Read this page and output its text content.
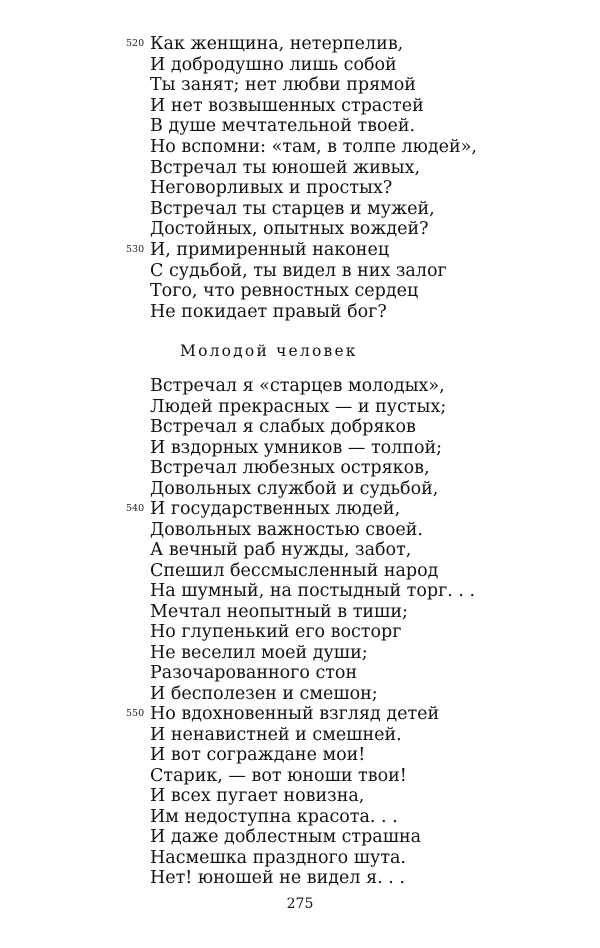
520 Как женщина, нетерпелив,
И добродушно лишь собой
Ты занят; нет любви прямой
И нет возвышенных страстей
В душе мечтательной твоей.
Но вспомни: «там, в толпе людей»,
Встречал ты юношей живых,
Неговорливых и простых?
Встречал ты старцев и мужей,
Достойных, опытных вождей?
530 И, примиренный наконец
С судьбой, ты видел в них залог
Того, что ревностных сердец
Не покидает правый бог?
Молодой человек
Встречал я «старцев молодых»,
Людей прекрасных — и пустых;
Встречал я слабых добряков
И вздорных умников — толпой;
Встречал любезных остряков,
Довольных службой и судьбой,
540 И государственных людей,
Довольных важностью своей.
А вечный раб нужды, забот,
Спешил бессмысленный народ
На шумный, на постыдный торг. . .
Мечтал неопытный в тиши;
Но глупенький его восторг
Не веселил моей души;
Разочарованного стон
И бесполезен и смешон;
550 Но вдохновенный взгляд детей
И ненавистней и смешней.
И вот сограждане мои!
Старик, — вот юноши твои!
И всех пугает новизна,
Им недоступна красота. . .
И даже доблестным страшна
Насмешка праздного шута.
Нет! юношей не видел я. . .
275
